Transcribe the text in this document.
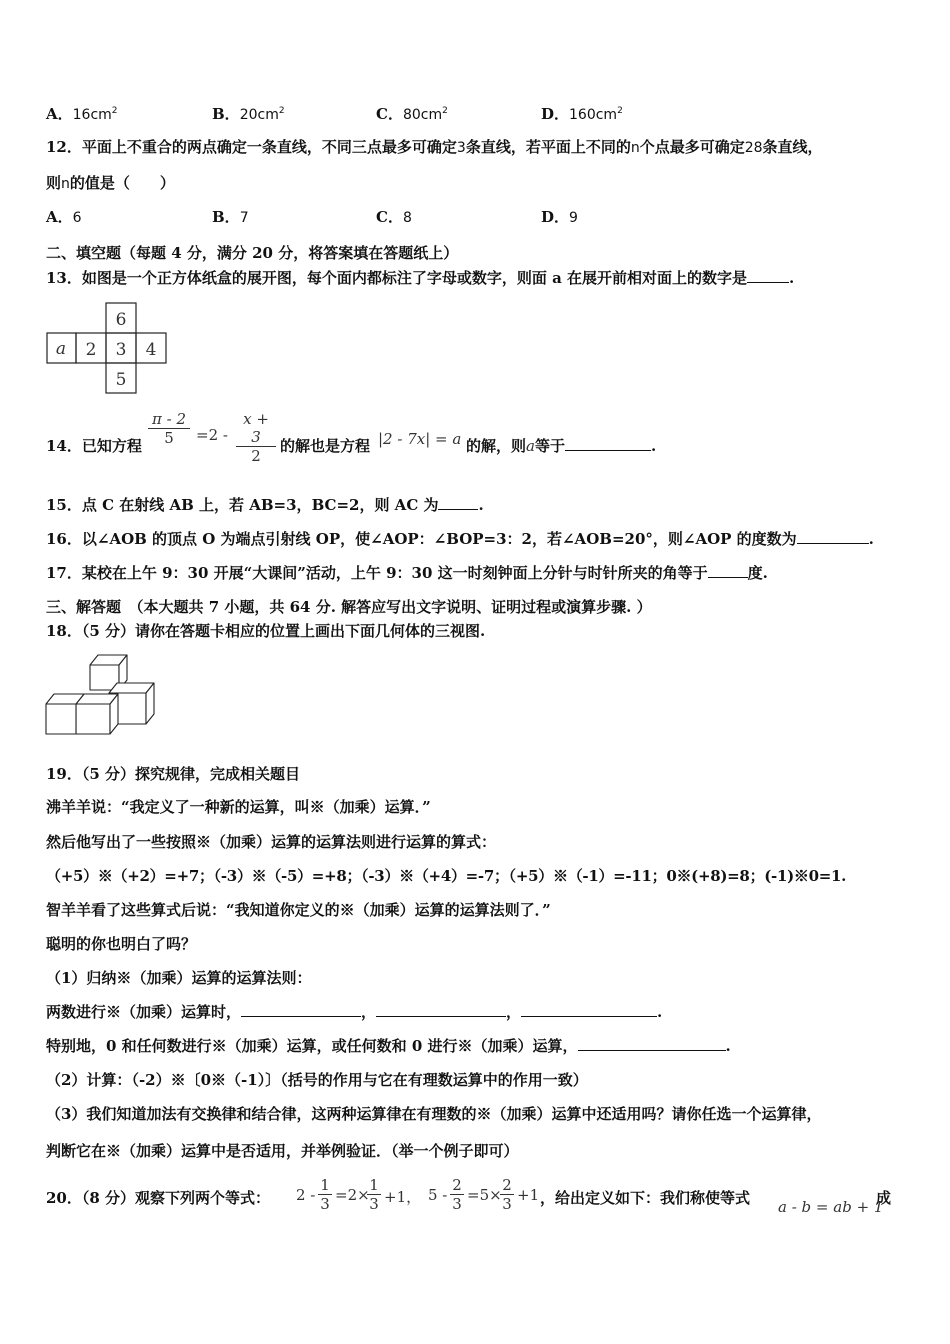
A．$16cm^2$	B．$20cm^2$	C．$80cm^2$	D．$160cm^2$
12．平面上不重合的两点确定一条直线，不同三点最多可确定3条直线，若平面上不同的n个点最多可确定28条直线，
则n的值是（　　）
A．6	B．7	C．8	D．9
二、填空题（每题 4 分，满分 20 分，将答案填在答题纸上）
13．如图是一个正方体纸盒的展开图，每个面内都标注了字母或数字，则面 a 在展开前相对面上的数字是	.
6
a 2 3 4
5
14．已知方程 $\frac{\pi - 2}{5} =2 - \frac{x + 3}{2}$ 的解也是方程 |2 - 7x| = a 的解，则a等于	.
15．点 C 在射线 AB 上，若 AB=3，BC=2，则 AC 为	.
16．以∠AOB 的顶点 O 为端点引射线 OP，使∠AOP：∠BOP=3：2，若∠AOB=20°，则∠AOP 的度数为	.
17．某校在上午 9：30 开展“大课间”活动，上午 9：30 这一时刻钟面上分针与时针所夹的角等于	度.
三、解答题　（本大题共 7 小题，共 64 分. 解答应写出文字说明、证明过程或演算步骤. ）
18．（5 分）请你在答题卡相应的位置上画出下面几何体的三视图.
19．（5 分）探究规律，完成相关题目
沸羊羊说：“我定义了一种新的运算，叫※（加乘）运算．”
然后他写出了一些按照※（加乘）运算的运算法则进行运算的算式：
（+5）※（+2）=+7；（-3）※（-5）=+8；（-3）※（+4）=-7；（+5）※（-1）=-11；0※(+8)=8；(-1)※0=1.
智羊羊看了这些算式后说：“我知道你定义的※（加乘）运算的运算法则了．”
聪明的你也明白了吗？
（1）归纳※（加乘）运算的运算法则：
两数进行※（加乘）运算时，	，	，	.
特别地，0 和任何数进行※（加乘）运算，或任何数和 0 进行※（加乘）运算，	.
（2）计算：（-2）※〔0※（-1）〕（括号的作用与它在有理数运算中的作用一致）
（3）我们知道加法有交换律和结合律，这两种运算律在有理数的※（加乘）运算中还适用吗？请你任选一个运算律，
判断它在※（加乘）运算中是否适用，并举例验证．（举一个例子即可）
20．（8 分）观察下列两个等式： $2 - \frac{1}{3} =2\times$
$\frac{1}{3} +1$， $5 - \frac{2}{3} =5\times$
$\frac{2}{3} +1$ ，给出定义如下：我们称使等式 a - b = ab + 1
成
